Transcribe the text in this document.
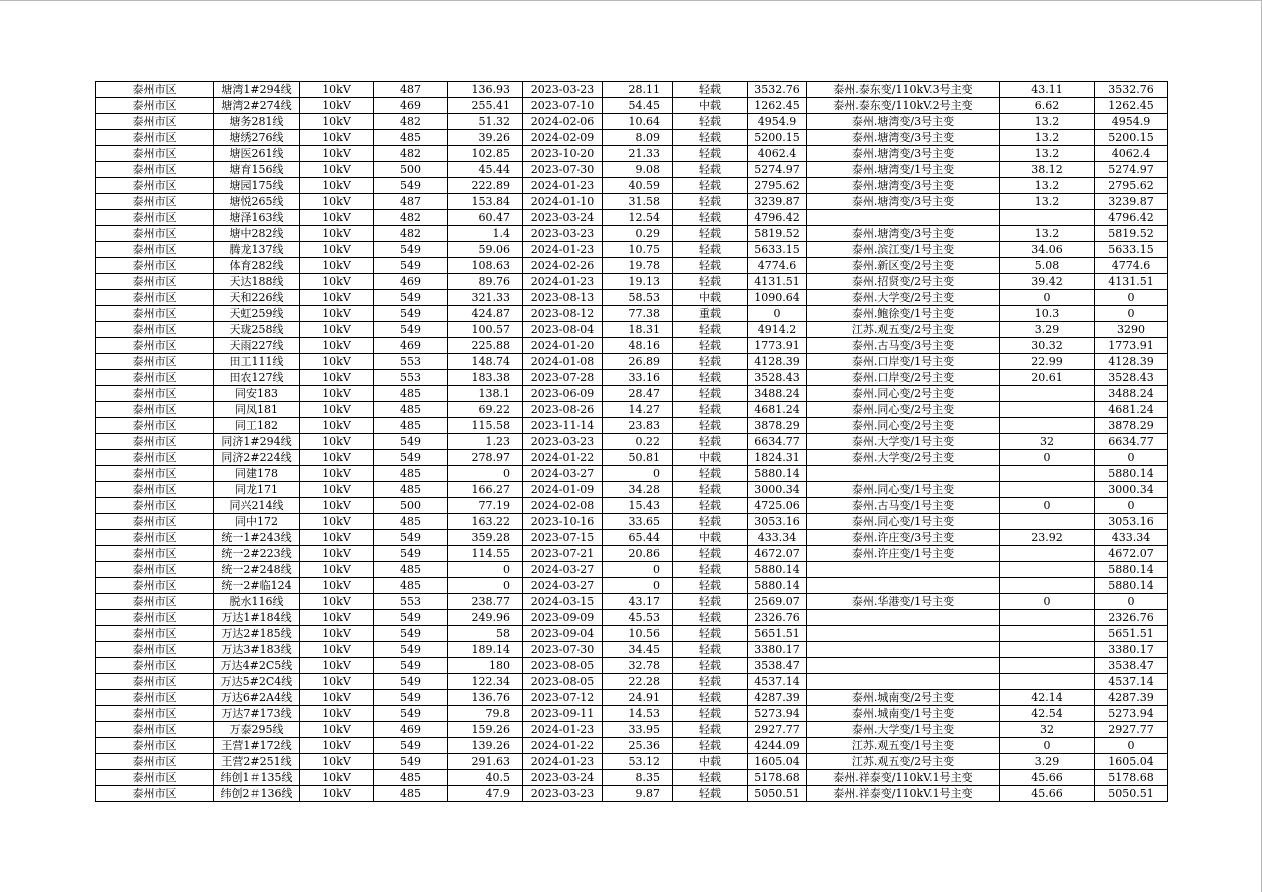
泰州市区	塘湾1#294线	10kV	487	136.93	2023-03-23	28.11	轻载	3532.76	泰州.泰东变/110kV.3号主变	43.11	3532.76
泰州市区	塘湾2#274线	10kV	469	255.41	2023-07-10	54.45	中载	1262.45	泰州.泰东变/110kV.2号主变	6.62	1262.45
泰州市区	塘务281线	10kV	482	51.32	2024-02-06	10.64	轻载	4954.9	泰州.塘湾变/3号主变	13.2	4954.9
泰州市区	塘绣276线	10kV	485	39.26	2024-02-09	8.09	轻载	5200.15	泰州.塘湾变/3号主变	13.2	5200.15
泰州市区	塘医261线	10kV	482	102.85	2023-10-20	21.33	轻载	4062.4	泰州.塘湾变/3号主变	13.2	4062.4
泰州市区	塘育156线	10kV	500	45.44	2023-07-30	9.08	轻载	5274.97	泰州.塘湾变/1号主变	38.12	5274.97
泰州市区	塘园175线	10kV	549	222.89	2024-01-23	40.59	轻载	2795.62	泰州.塘湾变/3号主变	13.2	2795.62
泰州市区	塘悦265线	10kV	487	153.84	2024-01-10	31.58	轻载	3239.87	泰州.塘湾变/3号主变	13.2	3239.87
泰州市区	塘泽163线	10kV	482	60.47	2023-03-24	12.54	轻载	4796.42			4796.42
泰州市区	塘中282线	10kV	482	1.4	2023-03-23	0.29	轻载	5819.52	泰州.塘湾变/3号主变	13.2	5819.52
泰州市区	腾龙137线	10kV	549	59.06	2024-01-23	10.75	轻载	5633.15	泰州.滨江变/1号主变	34.06	5633.15
泰州市区	体育282线	10kV	549	108.63	2024-02-26	19.78	轻载	4774.6	泰州.新区变/2号主变	5.08	4774.6
泰州市区	天达188线	10kV	469	89.76	2024-01-23	19.13	轻载	4131.51	泰州.招贤变/2号主变	39.42	4131.51
泰州市区	天和226线	10kV	549	321.33	2023-08-13	58.53	中载	1090.64	泰州.大学变/2号主变	0	0
泰州市区	天虹259线	10kV	549	424.87	2023-08-12	77.38	重载	0	泰州.鲍徐变/1号主变	10.3	0
泰州市区	天珑258线	10kV	549	100.57	2023-08-04	18.31	轻载	4914.2	江苏.观五变/2号主变	3.29	3290
泰州市区	天雨227线	10kV	469	225.88	2024-01-20	48.16	轻载	1773.91	泰州.古马变/3号主变	30.32	1773.91
泰州市区	田工111线	10kV	553	148.74	2024-01-08	26.89	轻载	4128.39	泰州.口岸变/1号主变	22.99	4128.39
泰州市区	田农127线	10kV	553	183.38	2023-07-28	33.16	轻载	3528.43	泰州.口岸变/2号主变	20.61	3528.43
泰州市区	同安183	10kV	485	138.1	2023-06-09	28.47	轻载	3488.24	泰州.同心变/2号主变		3488.24
泰州市区	同凤181	10kV	485	69.22	2023-08-26	14.27	轻载	4681.24	泰州.同心变/2号主变		4681.24
泰州市区	同工182	10kV	485	115.58	2023-11-14	23.83	轻载	3878.29	泰州.同心变/2号主变		3878.29
泰州市区	同济1#294线	10kV	549	1.23	2023-03-23	0.22	轻载	6634.77	泰州.大学变/1号主变	32	6634.77
泰州市区	同济2#224线	10kV	549	278.97	2024-01-22	50.81	中载	1824.31	泰州.大学变/2号主变	0	0
泰州市区	同建178	10kV	485	0	2024-03-27	0	轻载	5880.14			5880.14
泰州市区	同龙171	10kV	485	166.27	2024-01-09	34.28	轻载	3000.34	泰州.同心变/1号主变		3000.34
泰州市区	同兴214线	10kV	500	77.19	2024-02-08	15.43	轻载	4725.06	泰州.古马变/1号主变	0	0
泰州市区	同中172	10kV	485	163.22	2023-10-16	33.65	轻载	3053.16	泰州.同心变/1号主变		3053.16
泰州市区	统一1#243线	10kV	549	359.28	2023-07-15	65.44	中载	433.34	泰州.许庄变/3号主变	23.92	433.34
泰州市区	统一2#223线	10kV	549	114.55	2023-07-21	20.86	轻载	4672.07	泰州.许庄变/1号主变		4672.07
泰州市区	统一2#248线	10kV	485	0	2024-03-27	0	轻载	5880.14			5880.14
泰州市区	统一2#临124	10kV	485	0	2024-03-27	0	轻载	5880.14			5880.14
泰州市区	脱水116线	10kV	553	238.77	2024-03-15	43.17	轻载	2569.07	泰州.华港变/1号主变	0	0
泰州市区	万达1#184线	10kV	549	249.96	2023-09-09	45.53	轻载	2326.76			2326.76
泰州市区	万达2#185线	10kV	549	58	2023-09-04	10.56	轻载	5651.51			5651.51
泰州市区	万达3#183线	10kV	549	189.14	2023-07-30	34.45	轻载	3380.17			3380.17
泰州市区	万达4#2C5线	10kV	549	180	2023-08-05	32.78	轻载	3538.47			3538.47
泰州市区	万达5#2C4线	10kV	549	122.34	2023-08-05	22.28	轻载	4537.14			4537.14
泰州市区	万达6#2A4线	10kV	549	136.76	2023-07-12	24.91	轻载	4287.39	泰州.城南变/2号主变	42.14	4287.39
泰州市区	万达7#173线	10kV	549	79.8	2023-09-11	14.53	轻载	5273.94	泰州.城南变/1号主变	42.54	5273.94
泰州市区	万泰295线	10kV	469	159.26	2024-01-23	33.95	轻载	2927.77	泰州.大学变/1号主变	32	2927.77
泰州市区	王营1#172线	10kV	549	139.26	2024-01-22	25.36	轻载	4244.09	江苏.观五变/1号主变	0	0
泰州市区	王营2#251线	10kV	549	291.63	2024-01-23	53.12	中载	1605.04	江苏.观五变/2号主变	3.29	1605.04
泰州市区	纬创1＃135线	10kV	485	40.5	2023-03-24	8.35	轻载	5178.68	泰州.祥泰变/110kV.1号主变	45.66	5178.68
泰州市区	纬创2＃136线	10kV	485	47.9	2023-03-23	9.87	轻载	5050.51	泰州.祥泰变/110kV.1号主变	45.66	5050.51
